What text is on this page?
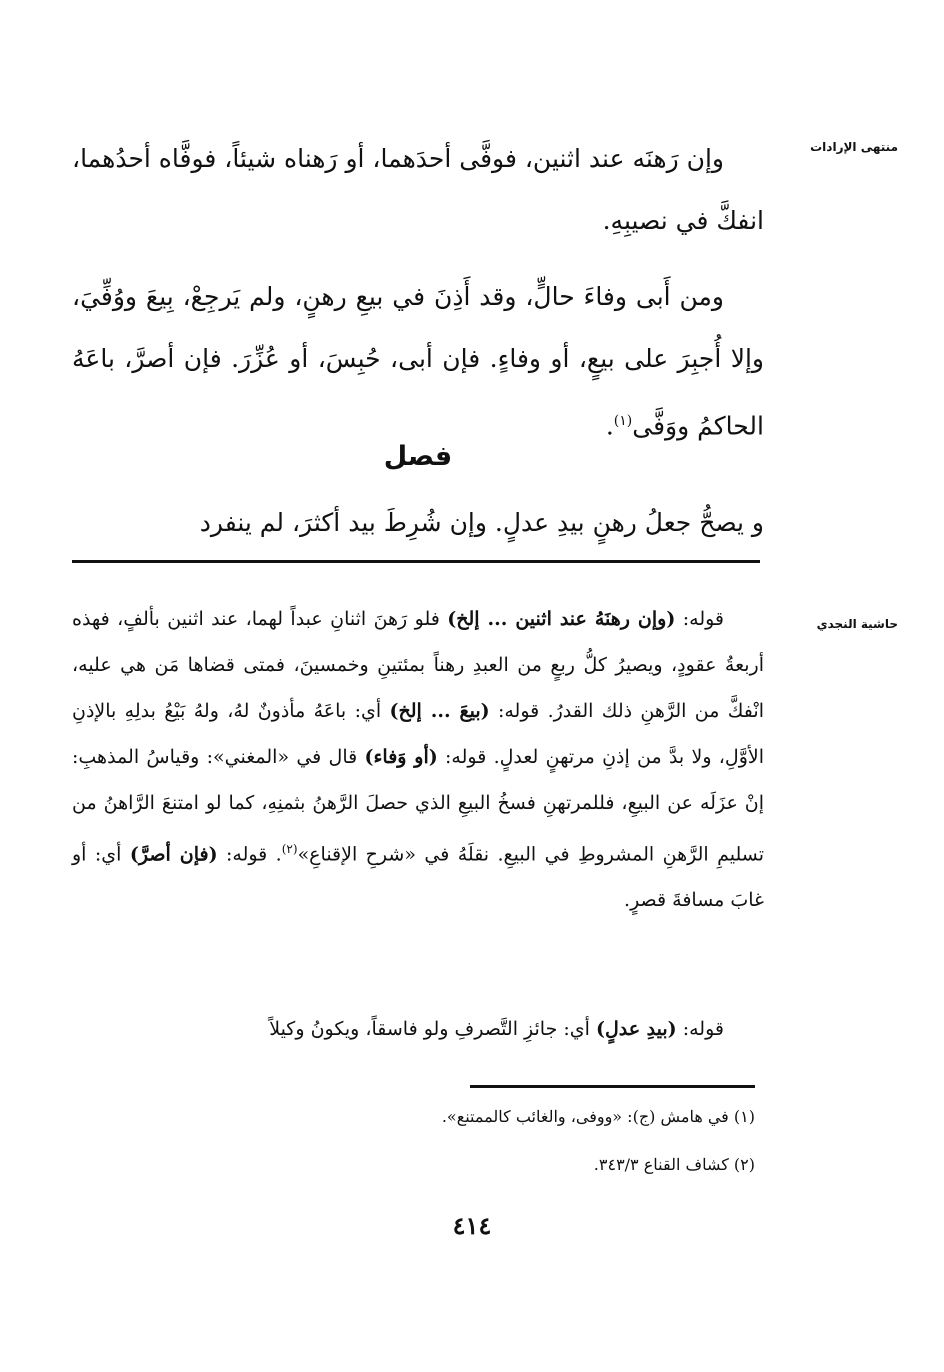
منتهى الإرادات
حاشية النجدي
وإن رَهنَه عند اثنين، فوفَّى أحدَهما، أو رَهناه شيئاً، فوفَّاه أحدُهما، انفكَّ في نصيبِهِ.
ومن أَبى وفاءَ حالٍّ، وقد أَذِنَ في بيعِ رهنٍ، ولم يَرجِعْ، بِيعَ ووُفِّيَ، وإلا أُجبِرَ على بيعٍ، أو وفاءٍ. فإن أبى، حُبِسَ، أو عُزِّرَ. فإن أصرَّ، باعَهُ الحاكمُ ووَفَّى$^{(١)}$.
فصل
و يصحُّ جعلُ رهنٍ بيدِ عدلٍ. وإن شُرِطَ بيد أكثرَ، لم ينفرد
قوله: (وإن رهنَهُ عند اثنين ... إلخ) فلو رَهنَ اثنانِ عبداً لهما، عند اثنين بألفٍ، فهذه أربعةُ عقودٍ، ويصيرُ كلُّ ربعٍ من العبدِ رهناً بمئتينِ وخمسينَ، فمتى قضاها مَن هي عليه، انْفكَّ من الرَّهنِ ذلك القدرُ. قوله: (بيعَ ... إلخ) أي: باعَهُ مأذونٌ لهُ، ولهُ بَيْعُ بدلِهِ بالإذنِ الأوَّلِ، ولا بدَّ من إذنِ مرتهنٍ لعدلٍ. قوله: (أو وَفاء) قال في «المغني»: وقياسُ المذهبِ: إنْ عزَلَه عن البيعِ، فللمرتهنِ فسخُ البيعِ الذي حصلَ الرَّهنُ بثمنِهِ، كما لو امتنعَ الرَّاهنُ من تسليمِ الرَّهنِ المشروطِ في البيعِ. نقلَهُ في «شرحِ الإقناعِ»$^{(٢)}$. قوله: (فإن أصرَّ) أي: أو غابَ مسافةَ قصرٍ.
قوله: (بيدِ عدلٍ) أي: جائزِ التَّصرفِ ولو فاسقاً، ويكونُ وكيلاً
(١) في هامش (ج): «ووفى، والغائب كالممتنع».
(٢) كشاف القناع ٣٤٣/٣.
٤١٤
